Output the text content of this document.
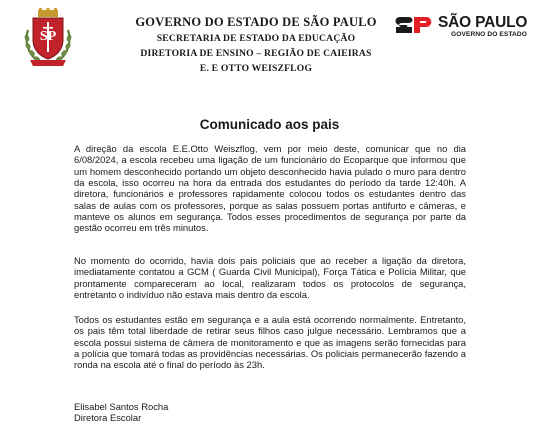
SP
GOVERNO DO ESTADO DE SÃO PAULO
SECRETARIA DE ESTADO DA EDUCAÇÃO
DIRETORIA DE ENSINO – REGIÃO DE CAIEIRAS
E. E OTTO WEISZFLOG
SÃO PAULO
GOVERNO DO ESTADO
Comunicado aos pais
A direção da escola E.E.Otto Weiszflog, vem por meio deste, comunicar que no dia 6/08/2024, a escola recebeu uma ligação de um funcionário do Ecoparque que informou que um homem desconhecido portando um objeto desconhecido havia pulado o muro para dentro da escola, isso ocorreu na hora da entrada dos estudantes do período da tarde 12:40h. A diretora, funcionários e professores rapidamente colocou todos os estudantes dentro das salas de aulas com os professores, porque as salas possuem portas antifurto e câmeras, e manteve os alunos em segurança. Todos esses procedimentos de segurança por parte da gestão ocorreu em três minutos.
No momento do ocorrido, havia dois pais policiais que ao receber a ligação da diretora, imediatamente contatou a GCM ( Guarda Civil Municipal), Força Tática e Polícia Militar, que prontamente compareceram ao local, realizaram todos os protocolos de segurança, entretanto o indivíduo não estava mais dentro da escola.
Todos os estudantes estão em segurança e a aula está ocorrendo normalmente. Entretanto, os pais têm total liberdade de retirar seus filhos caso julgue necessário. Lembramos que a escola possui sistema de câmera de monitoramento e que as imagens serão fornecidas para a polícia que tomará todas as providências necessárias. Os policiais permanecerão fazendo a ronda na escola até o final do período às 23h.
Elisabel Santos Rocha
Diretora Escolar
